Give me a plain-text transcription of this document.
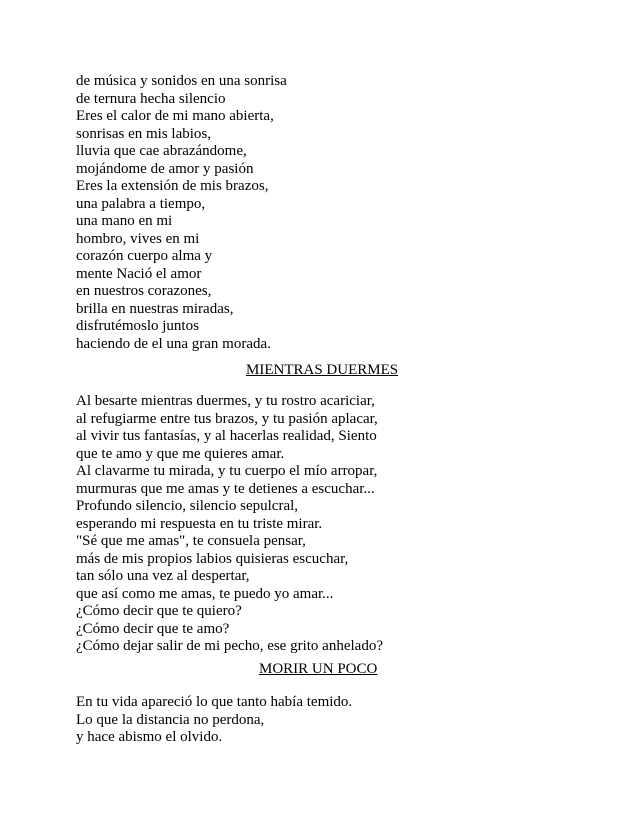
de música y sonidos en una sonrisa
de ternura hecha silencio
Eres el calor de mi mano abierta,
sonrisas en mis labios,
lluvia que cae abrazándome,
mojándome de amor y pasión
Eres la extensión de mis brazos,
una palabra a tiempo,
una mano en mi
hombro, vives en mi
corazón cuerpo alma y
mente Nació el amor
en nuestros corazones,
brilla en nuestras miradas,
disfrutémoslo juntos
haciendo de el una gran morada.
MIENTRAS DUERMES
Al besarte mientras duermes, y tu rostro acariciar,
al refugiarme entre tus brazos, y tu pasión aplacar,
al vivir tus fantasías, y al hacerlas realidad, Siento
que te amo y que me quieres amar.
Al clavarme tu mirada, y tu cuerpo el mío arropar,
murmuras que me amas y te detienes a escuchar...
Profundo silencio, silencio sepulcral,
esperando mi respuesta en tu triste mirar.
"Sé que me amas", te consuela pensar,
más de mis propios labios quisieras escuchar,
tan sólo una vez al despertar,
que así como me amas, te puedo yo amar...
¿Cómo decir que te quiero?
¿Cómo decir que te amo?
¿Cómo dejar salir de mi pecho, ese grito anhelado?
MORIR UN POCO
En tu vida apareció lo que tanto había temido.
Lo que la distancia no perdona,
y hace abismo el olvido.
